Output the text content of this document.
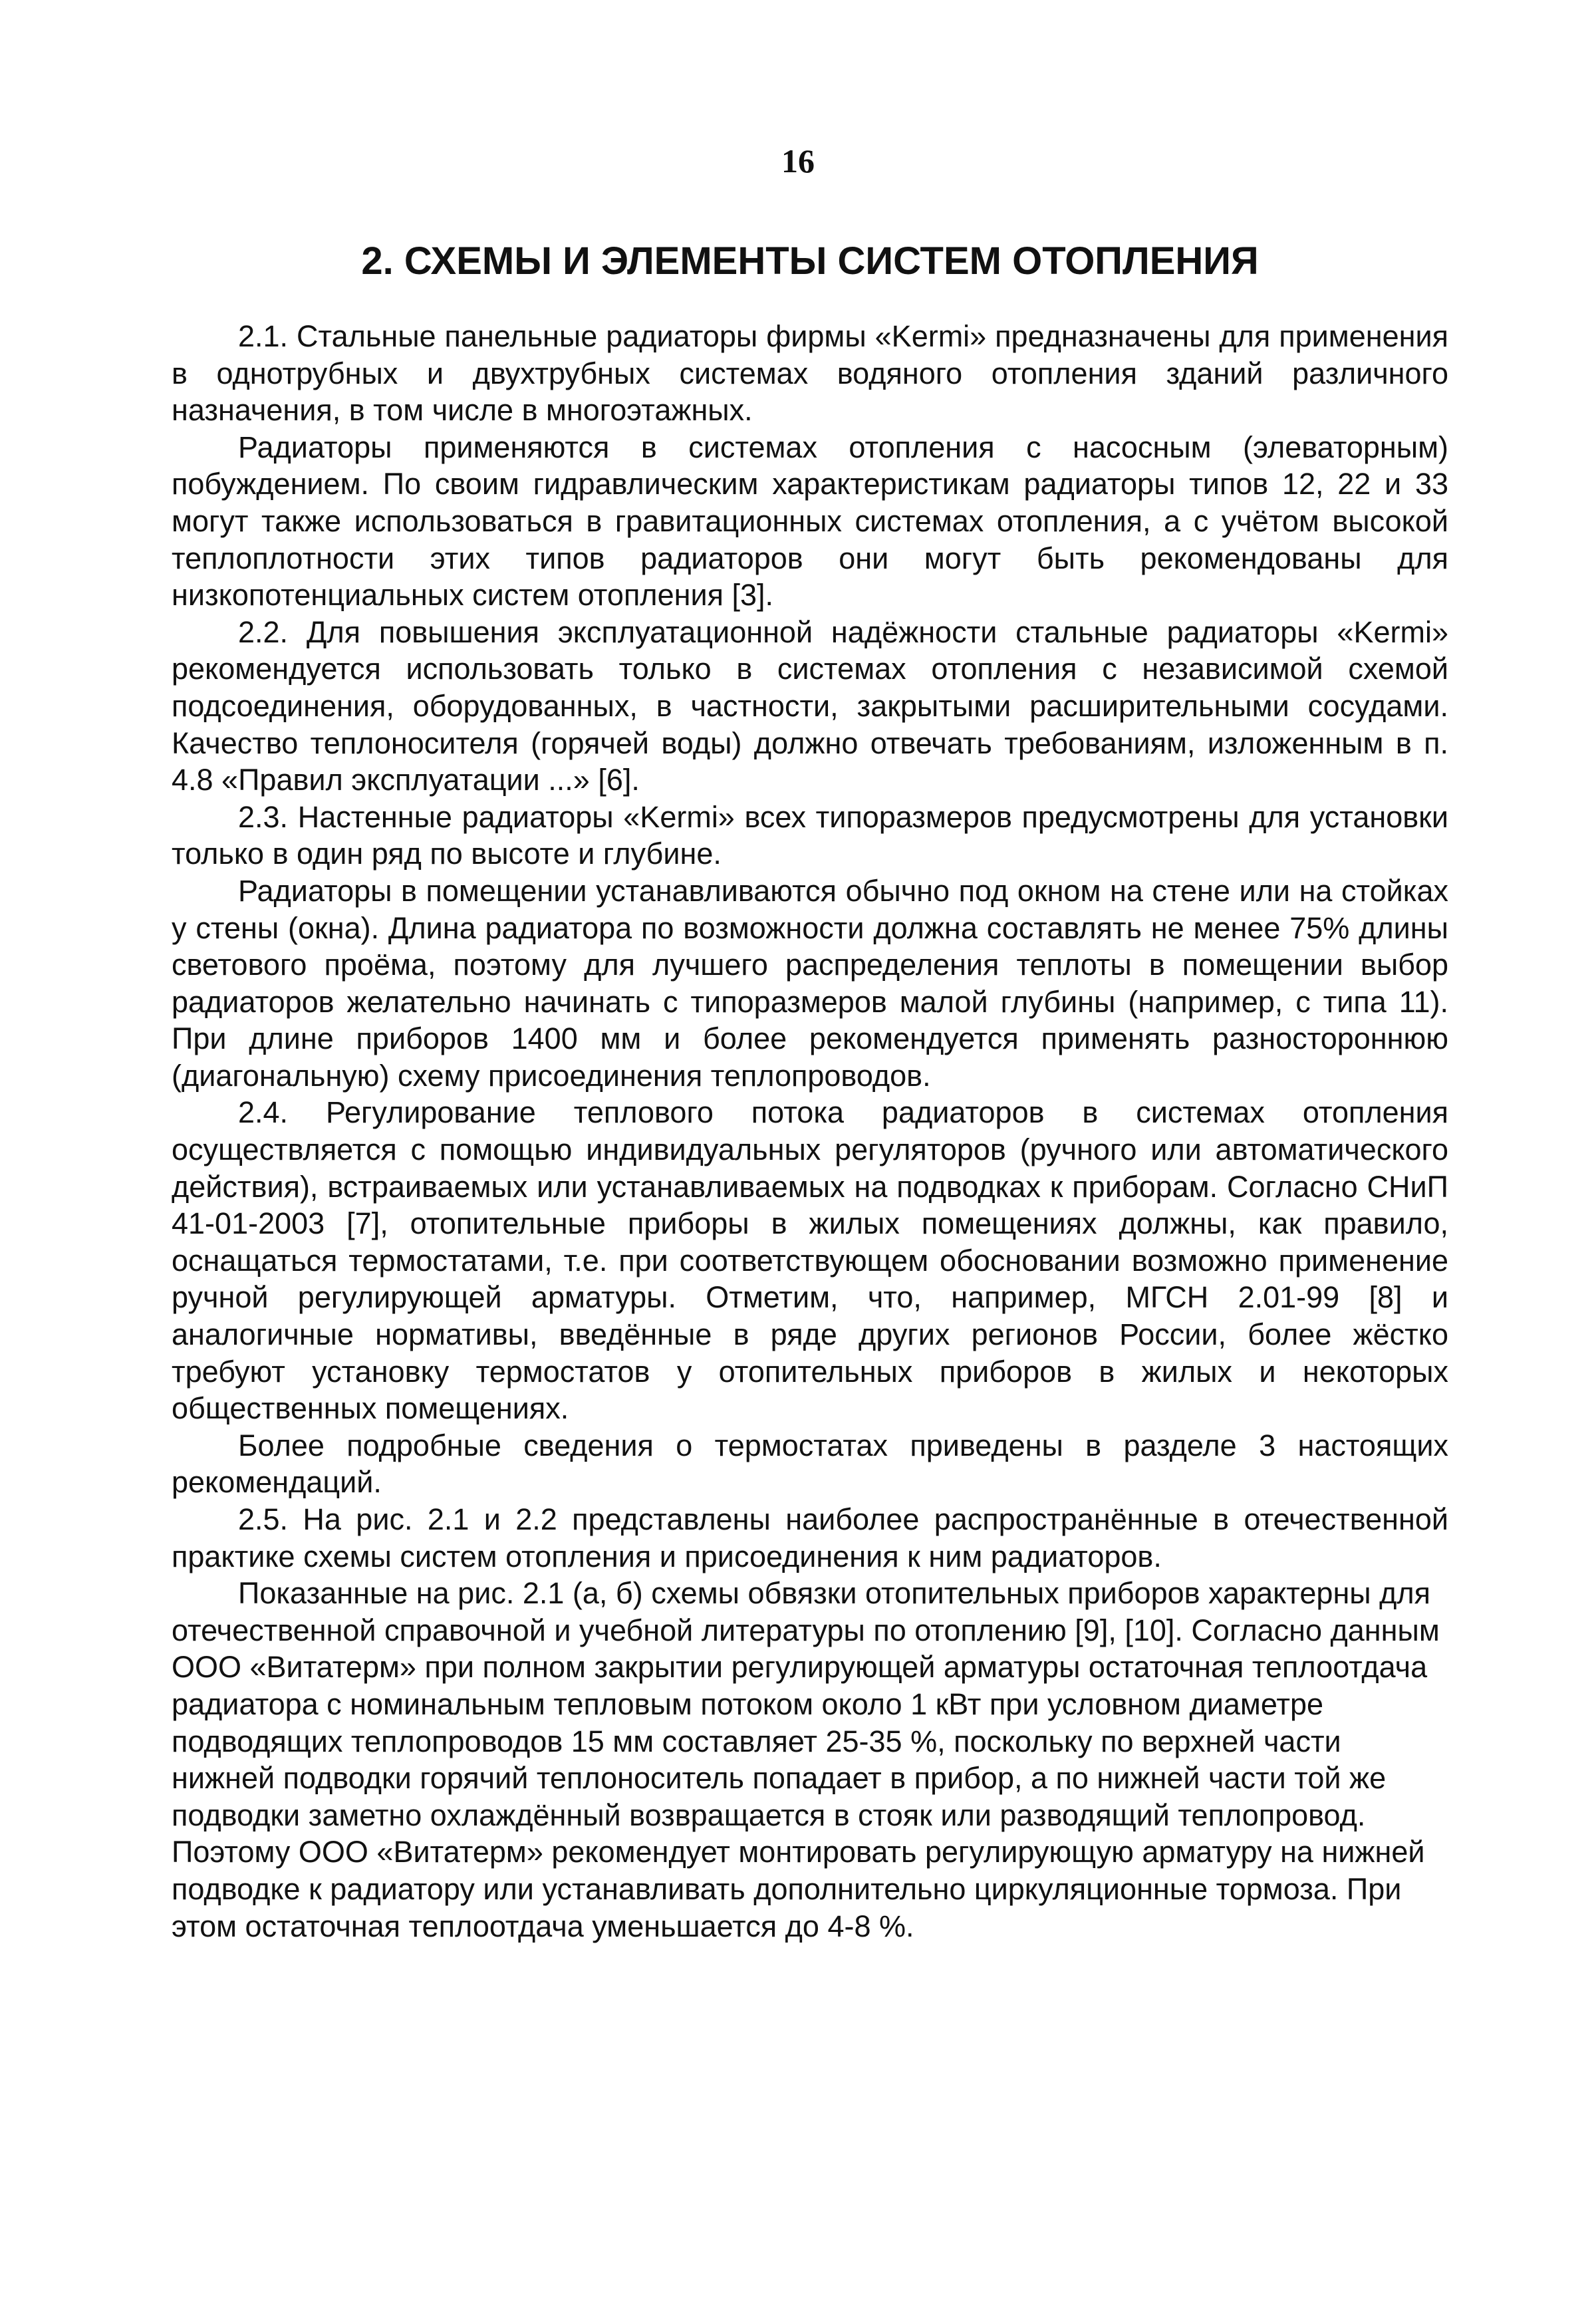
16
2. СХЕМЫ И ЭЛЕМЕНТЫ СИСТЕМ ОТОПЛЕНИЯ

2.1. Стальные панельные радиаторы фирмы «Kermi» предназначены для применения в однотрубных и двухтрубных системах водяного отопления зданий различного назначения, в том числе в многоэтажных.

Радиаторы применяются в системах отопления с насосным (элеваторным) побуждением. По своим гидравлическим характеристикам радиаторы типов 12, 22 и 33 могут также использоваться в гравитационных системах отопления, а с учётом высокой теплоплотности этих типов радиаторов они могут быть рекомендованы для низкопотенциальных систем отопления [3].

2.2. Для повышения эксплуатационной надёжности стальные радиаторы «Kermi» рекомендуется использовать только в системах отопления с независимой схемой подсоединения, оборудованных, в частности, закрытыми расширительными сосудами. Качество теплоносителя (горячей воды) должно отвечать требованиям, изложенным в п. 4.8 «Правил эксплуатации ...» [6].

2.3. Настенные радиаторы «Kermi» всех типоразмеров предусмотрены для установки только в один ряд по высоте и глубине.

Радиаторы в помещении устанавливаются обычно под окном на стене или на стойках у стены (окна). Длина радиатора по возможности должна составлять не менее 75% длины светового проёма, поэтому для лучшего распределения теплоты в помещении выбор радиаторов желательно начинать с типоразмеров малой глубины (например, с типа 11). При длине приборов 1400 мм и более рекомендуется применять разностороннюю (диагональную) схему присоединения теплопроводов.

2.4. Регулирование теплового потока радиаторов в системах отопления осуществляется с помощью индивидуальных регуляторов (ручного или автоматического действия), встраиваемых или устанавливаемых на подводках к приборам. Согласно СНиП 41-01-2003 [7], отопительные приборы в жилых помещениях должны, как правило, оснащаться термостатами, т.е. при соответствующем обосновании возможно применение ручной регулирующей арматуры. Отметим, что, например, МГСН 2.01-99 [8] и аналогичные нормативы, введённые в ряде других регионов России, более жёстко требуют установку термостатов у отопительных приборов в жилых и некоторых общественных помещениях.

Более подробные сведения о термостатах приведены в разделе 3 настоящих рекомендаций.

2.5. На рис. 2.1 и 2.2 представлены наиболее распространённые в отечественной практике схемы систем отопления и присоединения к ним радиаторов.

Показанные на рис. 2.1 (а, б) схемы обвязки отопительных приборов характерны для отечественной справочной и учебной литературы по отоплению [9], [10]. Согласно данным ООО «Витатерм» при полном закрытии регулирующей арматуры остаточная теплоотдача радиатора с номинальным тепловым потоком около 1 кВт при условном диаметре подводящих теплопроводов 15 мм составляет 25-35 %, поскольку по верхней части нижней подводки горячий теплоноситель попадает в прибор, а по нижней части той же подводки заметно охлаждённый возвращается в стояк или разводящий теплопровод. Поэтому ООО «Витатерм» рекомендует монтировать регулирующую арматуру на нижней подводке к радиатору или устанавливать дополнительно циркуляционные тормоза. При этом остаточная теплоотдача уменьшается до 4-8 %.
